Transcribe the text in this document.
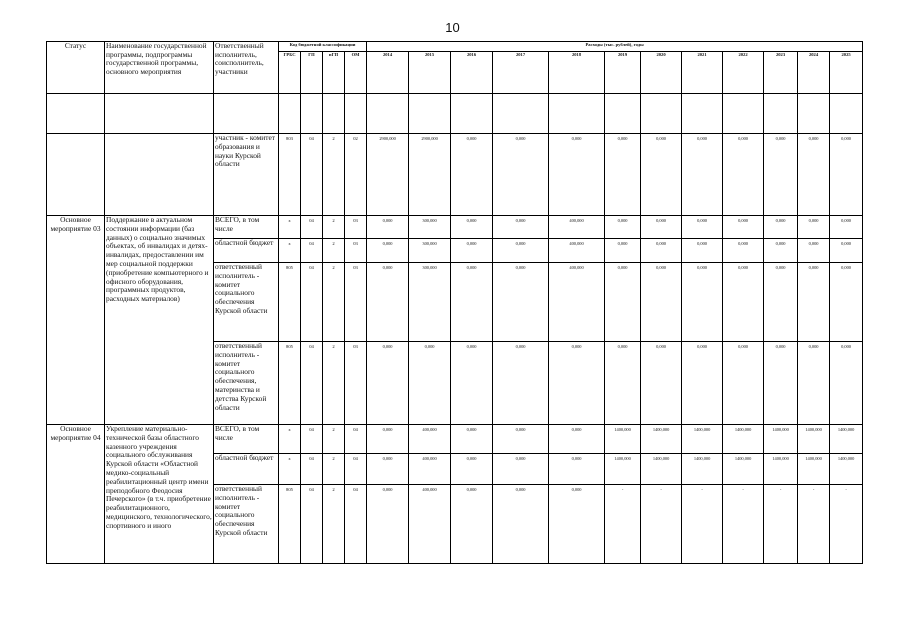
10
Статус	Наименование государственной программы, подпрограммы государственной программы, основного мероприятия	Ответственный исполнитель, соисполнитель, участники	Код бюджетной классификации				Расходы (тыс. рублей), годы											
			ГРБС	ГП	пГП	ОМ	2014	2015	2016	2017	2018	2019	2020	2021	2022	2023	2024	2025

		участник - комитет образования и науки Курской области	803	04	2	02	2900,000	2900,000	0,000	0,000	0,000	0,000	0,000	0,000	0,000	0,000	0,000	0,000
Основное мероприятие 03	Поддержание в актуальном состоянии информации (баз данных) о социально значимых объектах, об инвалидах и детях-инвалидах, предоставлении им мер социальной поддержки (приобретение компьютерного и офисного оборудования, программных продуктов, расходных материалов)	ВСЕГО, в том числе	х	04	2	03	0,000	300,000	0,000	0,000	400,000	0,000	0,000	0,000	0,000	0,000	0,000	0,000
		областной бюджет	х	04	2	03	0,000	300,000	0,000	0,000	400,000	0,000	0,000	0,000	0,000	0,000	0,000	0,000
		ответственный исполнитель - комитет социального обеспечения Курской области	805	04	2	03	0,000	300,000	0,000	0,000	400,000	0,000	0,000	0,000	0,000	0,000	0,000	0,000
		ответственный исполнитель - комитет социального обеспечения, материнства и детства Курской области	805	04	2	03	0,000	0,000	0,000	0,000	0,000	0,000	0,000	0,000	0,000	0,000	0,000	0,000
Основное мероприятие 04	Укрепление материально-технической базы областного казенного учреждения социального обслуживания Курской области «Областной медико-социальный реабилитационный центр имени преподобного Феодосия Печерского» (в т.ч. приобретение реабилитационного, медицинского, технологического, спортивного и иного	ВСЕГО, в том числе	х	04	2	04	0,000	400,000	0,000	0,000	0,000	1400,000	1400,000	1400,000	1400,000	1400,000	1400,000	1400,000
		областной бюджет	х	04	2	04	0,000	400,000	0,000	0,000	0,000	1400,000	1400,000	1400,000	1400,000	1400,000	1400,000	1400,000
		ответственный исполнитель - комитет социального обеспечения Курской области	805	04	2	04	0,000	400,000	0,000	0,000	0,000	-	-	-	-	-	-	-
